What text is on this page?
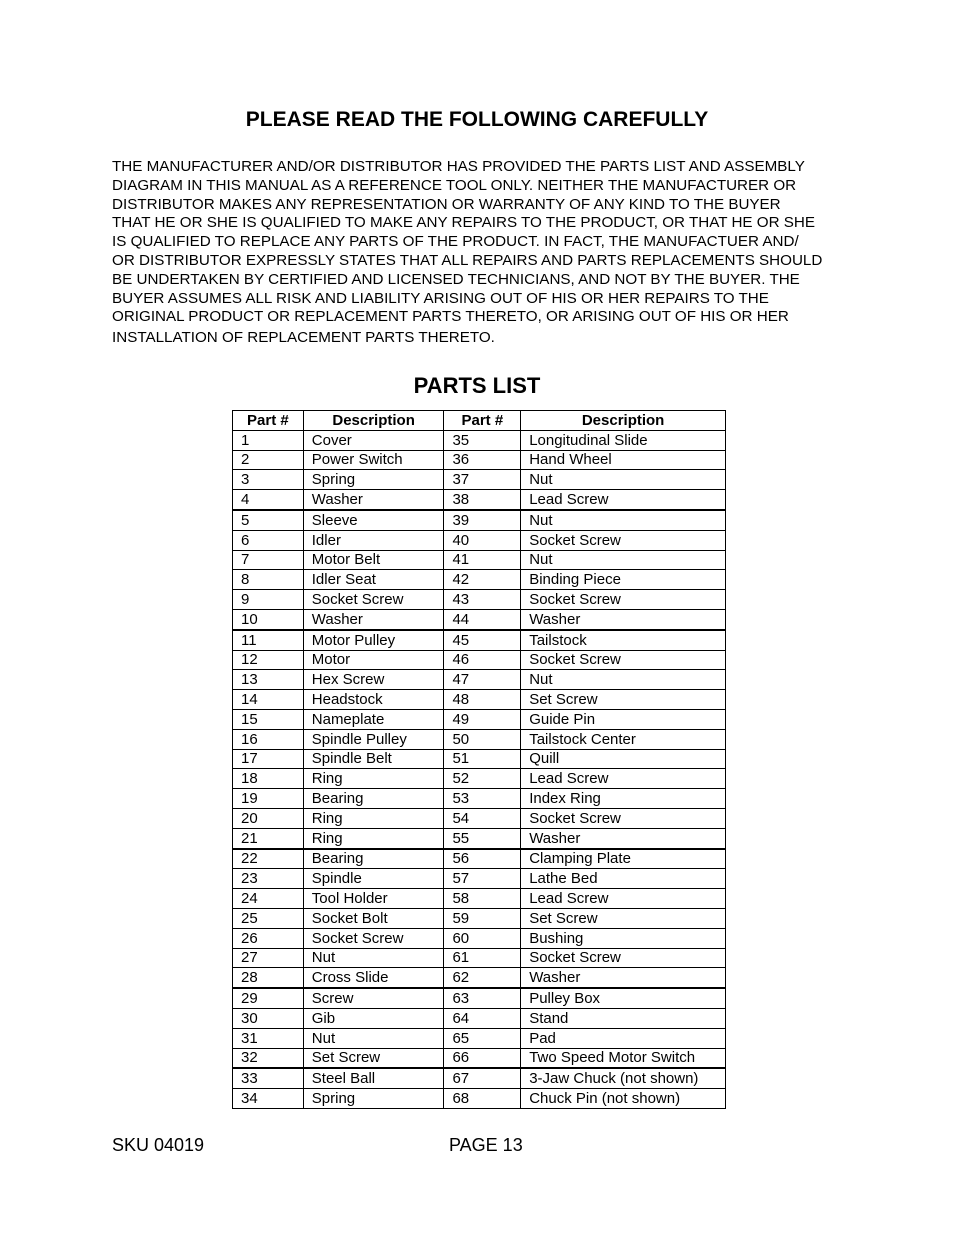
PLEASE READ THE FOLLOWING CAREFULLY
THE MANUFACTURER AND/OR DISTRIBUTOR HAS PROVIDED THE PARTS LIST AND ASSEMBLY
DIAGRAM IN THIS MANUAL AS A REFERENCE TOOL ONLY. NEITHER THE MANUFACTURER OR
DISTRIBUTOR MAKES ANY REPRESENTATION OR WARRANTY OF ANY KIND TO THE BUYER
THAT HE OR SHE IS QUALIFIED TO MAKE ANY REPAIRS TO THE PRODUCT, OR THAT HE OR SHE
IS QUALIFIED TO REPLACE ANY PARTS OF THE PRODUCT. IN FACT, THE MANUFACTUER AND/
OR DISTRIBUTOR EXPRESSLY STATES THAT ALL REPAIRS AND PARTS REPLACEMENTS SHOULD
BE UNDERTAKEN BY CERTIFIED AND LICENSED TECHNICIANS, AND NOT BY THE BUYER. THE
BUYER ASSUMES ALL RISK AND LIABILITY ARISING OUT OF HIS OR HER REPAIRS TO THE
ORIGINAL PRODUCT OR REPLACEMENT PARTS THERETO, OR ARISING OUT OF HIS OR HER
INSTALLATION OF REPLACEMENT PARTS THERETO.
PARTS LIST
Part #	Description	Part #	Description
1	Cover	35	Longitudinal Slide
2	Power Switch	36	Hand Wheel
3	Spring	37	Nut
4	Washer	38	Lead Screw
5	Sleeve	39	Nut
6	Idler	40	Socket Screw
7	Motor Belt	41	Nut
8	Idler Seat	42	Binding Piece
9	Socket Screw	43	Socket Screw
10	Washer	44	Washer
11	Motor Pulley	45	Tailstock
12	Motor	46	Socket Screw
13	Hex Screw	47	Nut
14	Headstock	48	Set Screw
15	Nameplate	49	Guide Pin
16	Spindle Pulley	50	Tailstock Center
17	Spindle Belt	51	Quill
18	Ring	52	Lead Screw
19	Bearing	53	Index Ring
20	Ring	54	Socket Screw
21	Ring	55	Washer
22	Bearing	56	Clamping Plate
23	Spindle	57	Lathe Bed
24	Tool Holder	58	Lead Screw
25	Socket Bolt	59	Set Screw
26	Socket Screw	60	Bushing
27	Nut	61	Socket Screw
28	Cross Slide	62	Washer
29	Screw	63	Pulley Box
30	Gib	64	Stand
31	Nut	65	Pad
32	Set Screw	66	Two Speed Motor Switch
33	Steel Ball	67	3-Jaw Chuck (not shown)
34	Spring	68	Chuck Pin (not shown)
SKU 04019	PAGE 13
